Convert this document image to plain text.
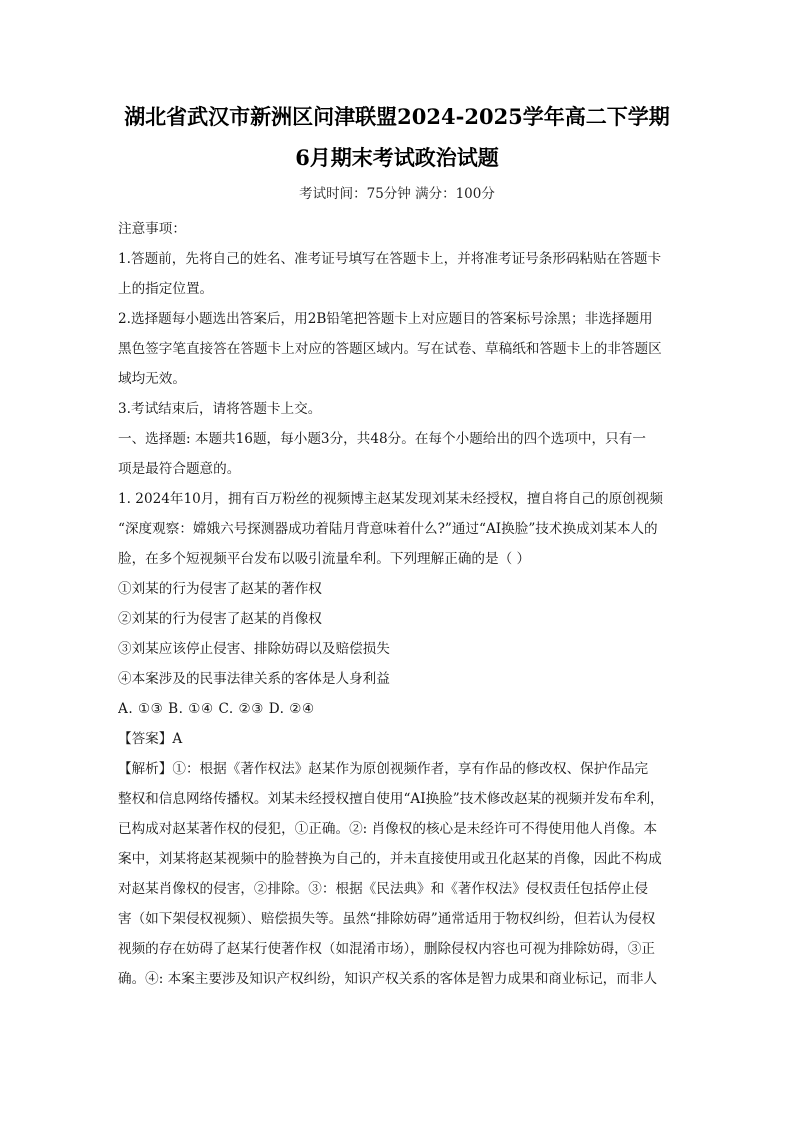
湖北省武汉市新洲区问津联盟2024-2025学年高二下学期
6月期末考试政治试题
考试时间：75分钟 满分：100分

注意事项：

1.答题前，先将自己的姓名、准考证号填写在答题卡上，并将准考证号条形码粘贴在答题卡

上的指定位置。

2.选择题每小题选出答案后，用2B铅笔把答题卡上对应题目的答案标号涂黑；非选择题用

黑色签字笔直接答在答题卡上对应的答题区域内。写在试卷、草稿纸和答题卡上的非答题区

域均无效。

3.考试结束后，请将答题卡上交。

一、选择题: 本题共16题，每小题3分，共48分。在每个小题给出的四个选项中，只有一

项是最符合题意的。

1. 2024年10月，拥有百万粉丝的视频博主赵某发现刘某未经授权，擅自将自己的原创视频

“深度观察：嫦娥六号探测器成功着陆月背意味着什么?”通过“AI换脸”技术换成刘某本人的

脸，在多个短视频平台发布以吸引流量牟利。下列理解正确的是（ ）

①刘某的行为侵害了赵某的著作权

②刘某的行为侵害了赵某的肖像权

③刘某应该停止侵害、排除妨碍以及赔偿损失

④本案涉及的民事法律关系的客体是人身利益

A. ①③ B. ①④ C. ②③ D. ②④

【答案】A

【解析】①：根据《著作权法》赵某作为原创视频作者，享有作品的修改权、保护作品完

整权和信息网络传播权。刘某未经授权擅自使用“AI换脸”技术修改赵某的视频并发布牟利，

已构成对赵某著作权的侵犯，①正确。②: 肖像权的核心是未经许可不得使用他人肖像。本

案中，刘某将赵某视频中的脸替换为自己的，并未直接使用或丑化赵某的肖像，因此不构成

对赵某肖像权的侵害，②排除。③：根据《民法典》和《著作权法》侵权责任包括停止侵

害（如下架侵权视频）、赔偿损失等。虽然“排除妨碍”通常适用于物权纠纷，但若认为侵权

视频的存在妨碍了赵某行使著作权（如混淆市场），删除侵权内容也可视为排除妨碍，③正

确。④: 本案主要涉及知识产权纠纷，知识产权关系的客体是智力成果和商业标记，而非人
